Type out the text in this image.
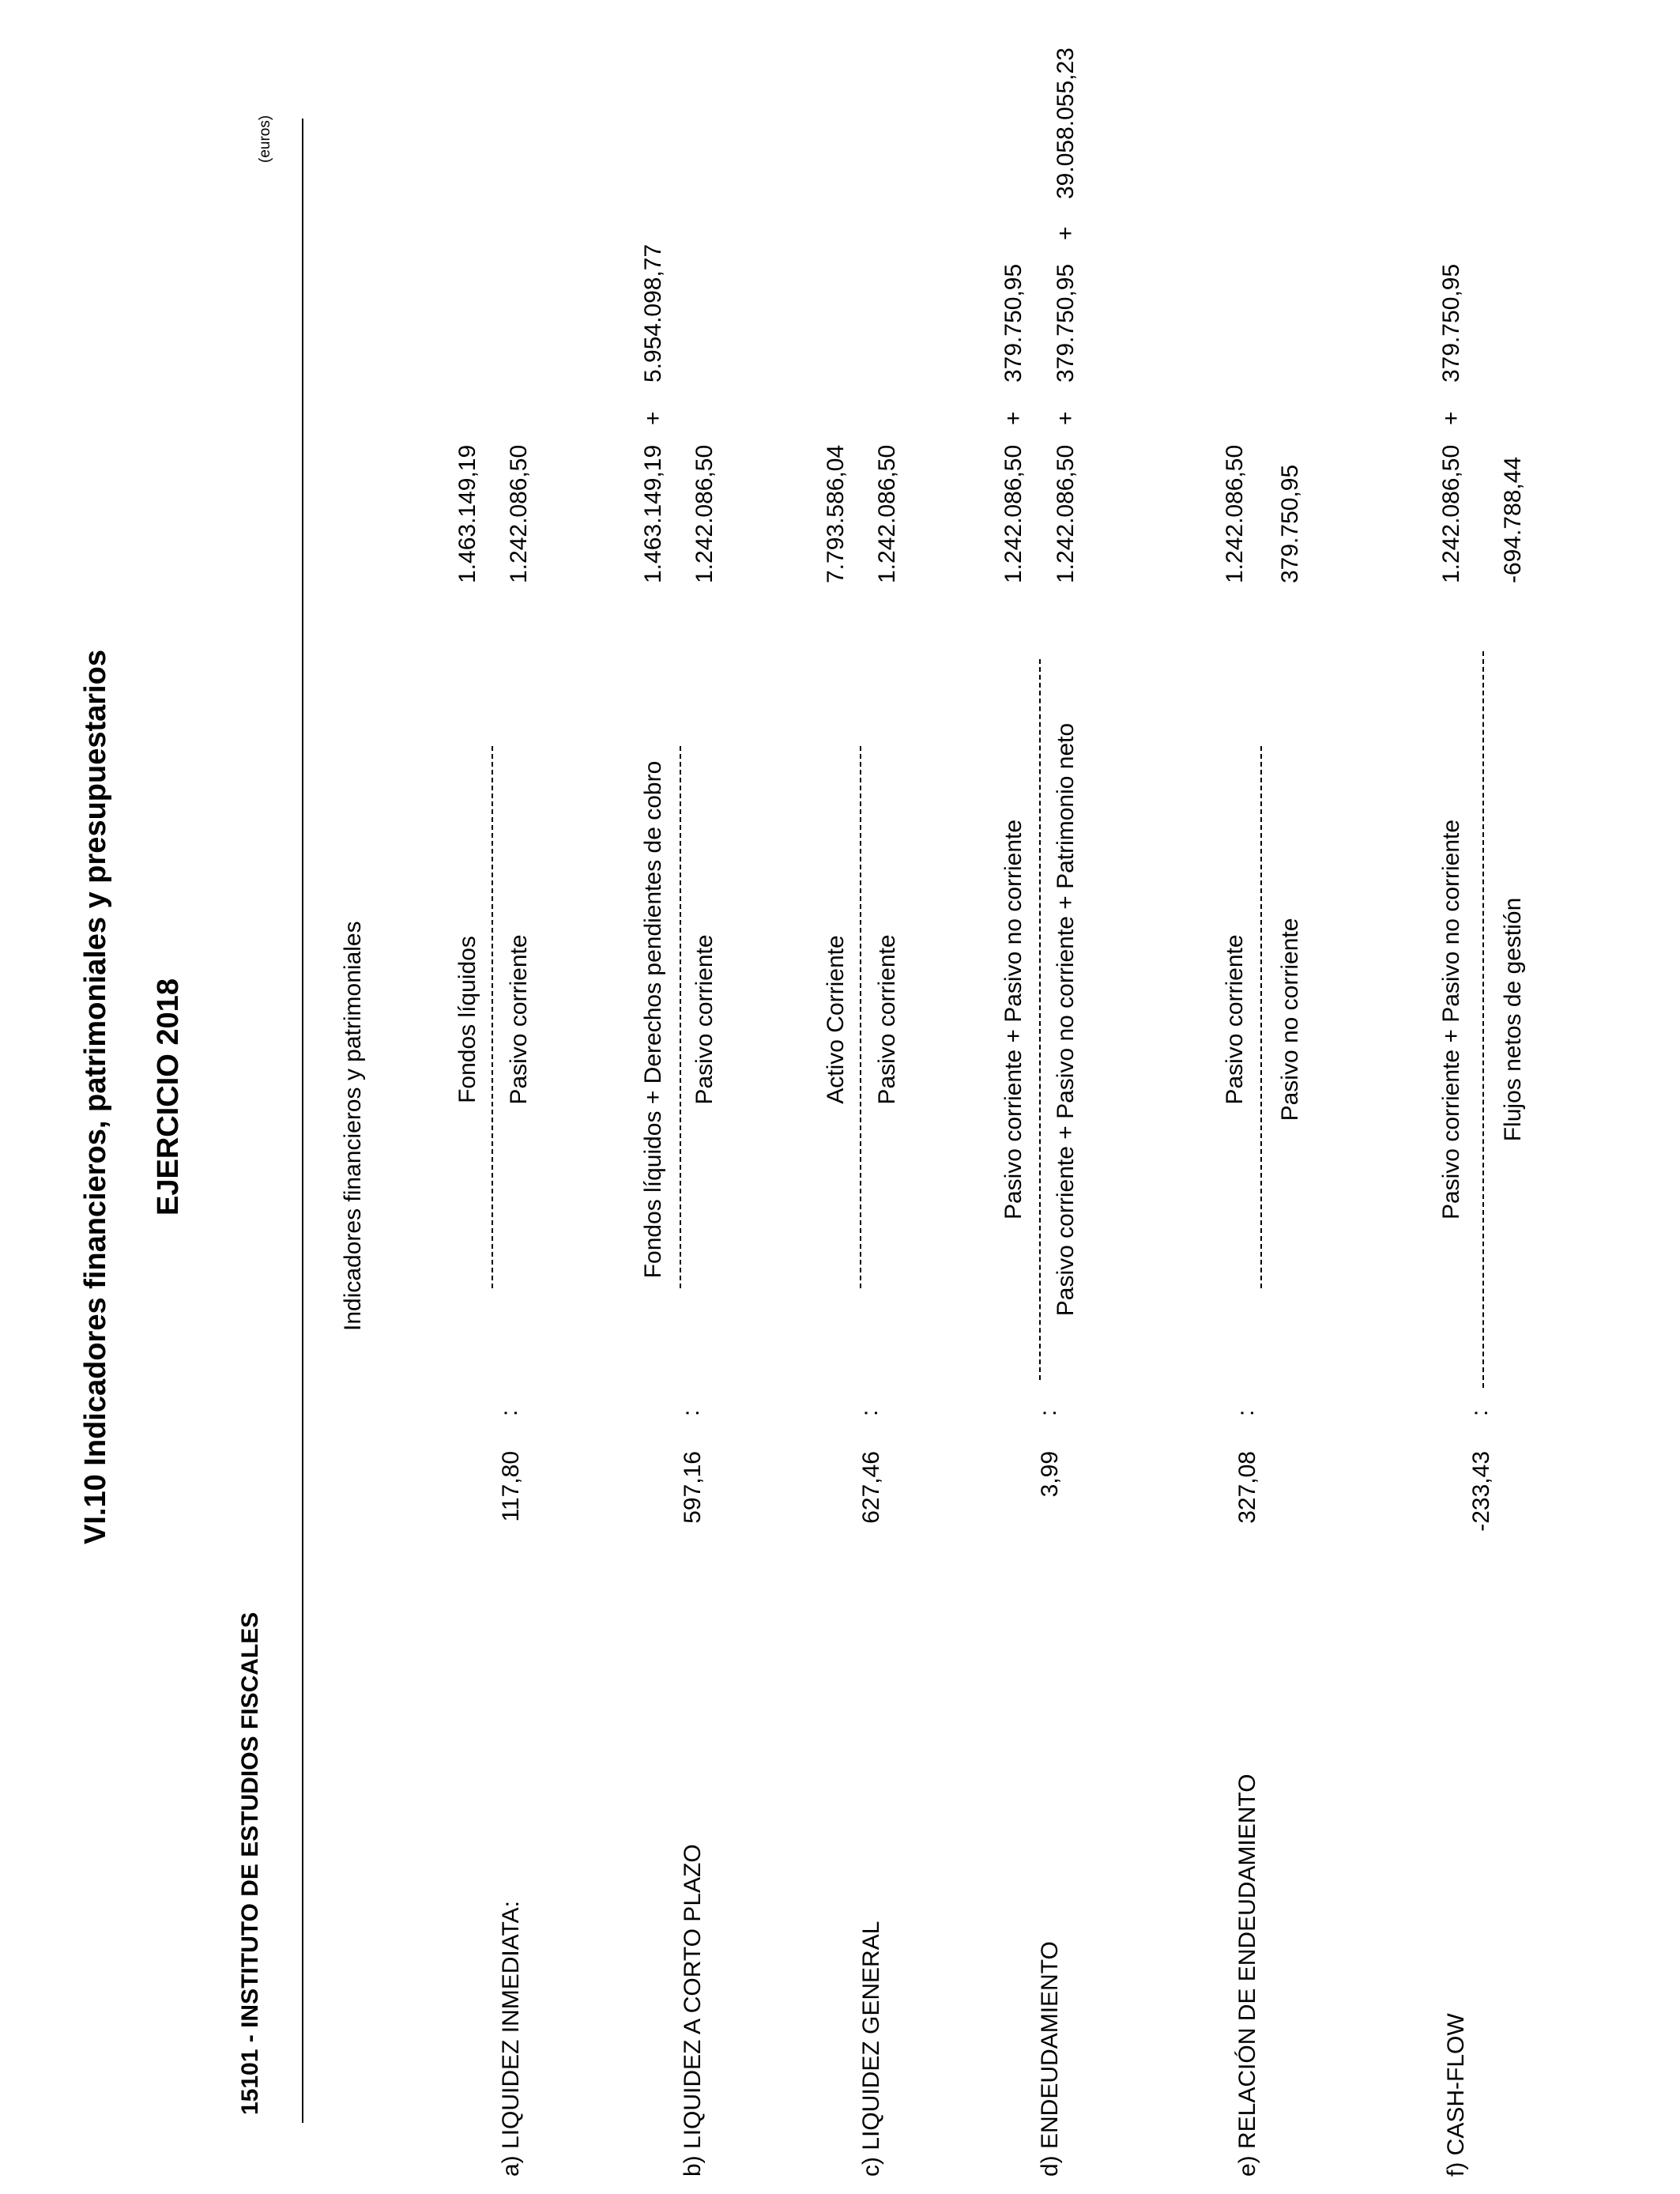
VI.10 Indicadores financieros, patrimoniales y presupuestarios EJERCICIO 2018
15101 - INSTITUTO DE ESTUDIOS FISCALES
(euros)
Indicadores financieros y patrimoniales
a) LIQUIDEZ INMEDIATA:
117,80
:
Fondos líquidos Pasivo corriente
1.463.149,19 1.242.086,50
b) LIQUIDEZ A CORTO PLAZO
597,16
:
Fondos líquidos + Derechos pendientes de cobro Pasivo corriente
1.463.149,19
+
5.954.098,77
1.242.086,50
c) LIQUIDEZ GENERAL
627,46
:
Activo Corriente Pasivo corriente
7.793.586,04 1.242.086,50
d) ENDEUDAMIENTO
3,99
:
Pasivo corriente + Pasivo no corriente Pasivo corriente + Pasivo no corriente + Patrimonio neto
1.242.086,50
+
379.750,95
1.242.086,50
+
379.750,95
+
39.058.055,23
e) RELACIÓN DE ENDEUDAMIENTO
327,08
:
Pasivo corriente Pasivo no corriente
1.242.086,50 379.750,95
f) CASH-FLOW
-233,43
:
Pasivo corriente + Pasivo no corriente Flujos netos de gestión
1.242.086,50
+
379.750,95
-694.788,44
